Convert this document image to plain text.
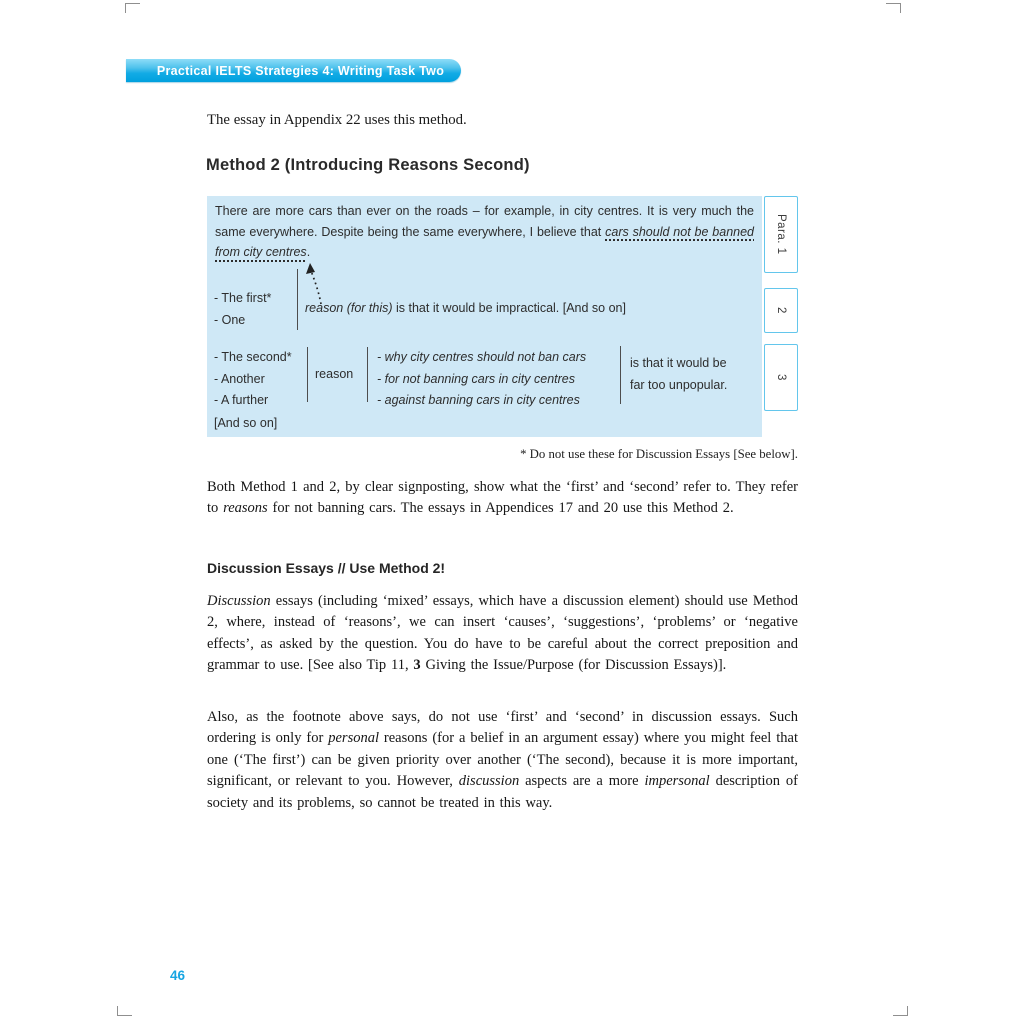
Practical IELTS Strategies 4: Writing Task Two

The essay in Appendix 22 uses this method.

Method 2 (Introducing Reasons Second)

There are more cars than ever on the roads – for example, in city centres. It is very much the same everywhere. Despite being the same everywhere, I believe that cars should not be banned from city centres.

- The first*
- One
reason (for this) is that it would be impractical. [And so on]
- The second*
- Another
- A further
reason
- why city centres should not ban cars
- for not banning cars in city centres
- against banning cars in city centres
is that it would be
far too unpopular.
[And so on]
Para. 1
2
3

* Do not use these for Discussion Essays [See below].

Both Method 1 and 2, by clear signposting, show what the ‘first’ and ‘second’ refer to. They refer to reasons for not banning cars. The essays in Appendices 17 and 20 use this Method 2.

Discussion Essays // Use Method 2!

Discussion essays (including ‘mixed’ essays, which have a discussion element) should use Method 2, where, instead of ‘reasons’, we can insert ‘causes’, ‘suggestions’, ‘problems’ or ‘negative effects’, as asked by the question. You do have to be careful about the correct preposition and grammar to use. [See also Tip 11, 3 Giving the Issue/Purpose (for Discussion Essays)].

Also, as the footnote above says, do not use ‘first’ and ‘second’ in discussion essays. Such ordering is only for personal reasons (for a belief in an argument essay) where you might feel that one (‘The first’) can be given priority over another (‘The second), because it is more important, significant, or relevant to you. However, discussion aspects are a more impersonal description of society and its problems, so cannot be treated in this way.

46
